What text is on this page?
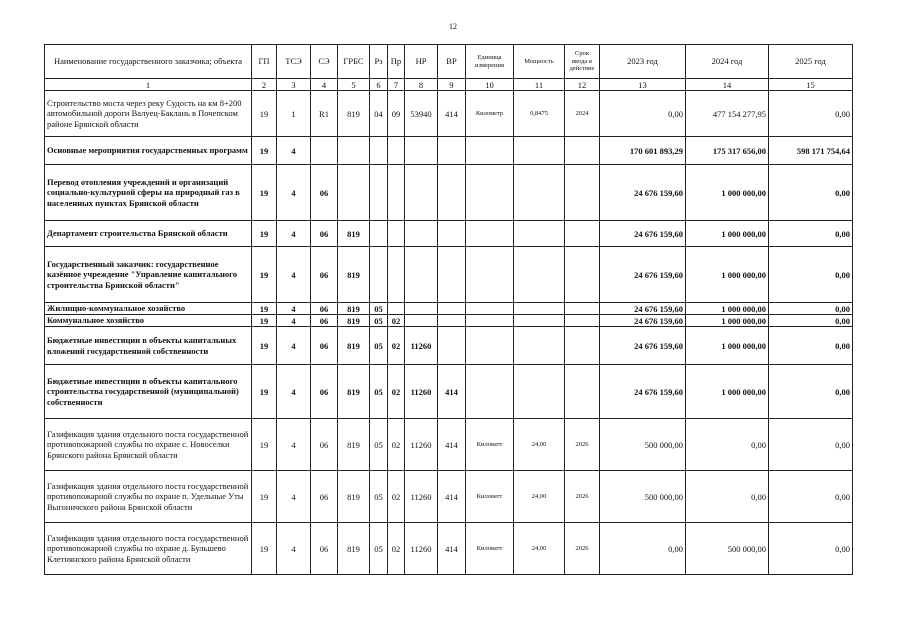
12
Наименование государственного заказчика; объекта	ГП	ТСЭ	СЭ	ГРБС	Рз	Пр	НР	ВР	Единица измерения	Мощность	Срок ввода в действие	2023 год	2024 год	2025 год
1	2	3	4	5	6	7	8	9	10	11	12	13	14	15
Строительство моста через реку Судость на км 8+200 автомобильной дороги Валуец-Баклань в Почепском районе Брянской области	19	1	R1	819	04	09	53940	414	Километр	0,8475	2024	0,00	477 154 277,95	0,00
Основные мероприятия государственных программ	19	4										170 601 893,29	175 317 656,00	598 171 754,64
Перевод отопления учреждений и организаций социально-культурной сферы на природный газ в населенных пунктах Брянской области	19	4	06									24 676 159,60	1 000 000,00	0,00
Департамент строительства Брянской области	19	4	06	819								24 676 159,60	1 000 000,00	0,00
Государственный заказчик: государственное казённое учреждение "Управление капитального строительства Брянской области"	19	4	06	819								24 676 159,60	1 000 000,00	0,00
Жилищно-коммунальное хозяйство	19	4	06	819	05							24 676 159,60	1 000 000,00	0,00
Коммунальное хозяйство	19	4	06	819	05	02						24 676 159,60	1 000 000,00	0,00
Бюджетные инвестиции в объекты капитальных вложений государственной собственности	19	4	06	819	05	02	11260					24 676 159,60	1 000 000,00	0,00
Бюджетные инвестиции в объекты капитального строительства государственной (муниципальной) собственности	19	4	06	819	05	02	11260	414				24 676 159,60	1 000 000,00	0,00
Газификация здания отдельного поста государственной противопожарной службы по охране с. Новоселки Брянского района Брянской области	19	4	06	819	05	02	11260	414	Киловатт	24,00	2026	500 000,00	0,00	0,00
Газификация здания отдельного поста государственной противопожарной службы по охране п. Удельные Уты Выгоничского района Брянской области	19	4	06	819	05	02	11260	414	Киловатт	24,00	2026	500 000,00	0,00	0,00
Газификация здания отдельного поста государственной противопожарной службы по охране д. Бульшево Клетнянского района Брянской области	19	4	06	819	05	02	11260	414	Киловатт	24,00	2026	0,00	500 000,00	0,00
